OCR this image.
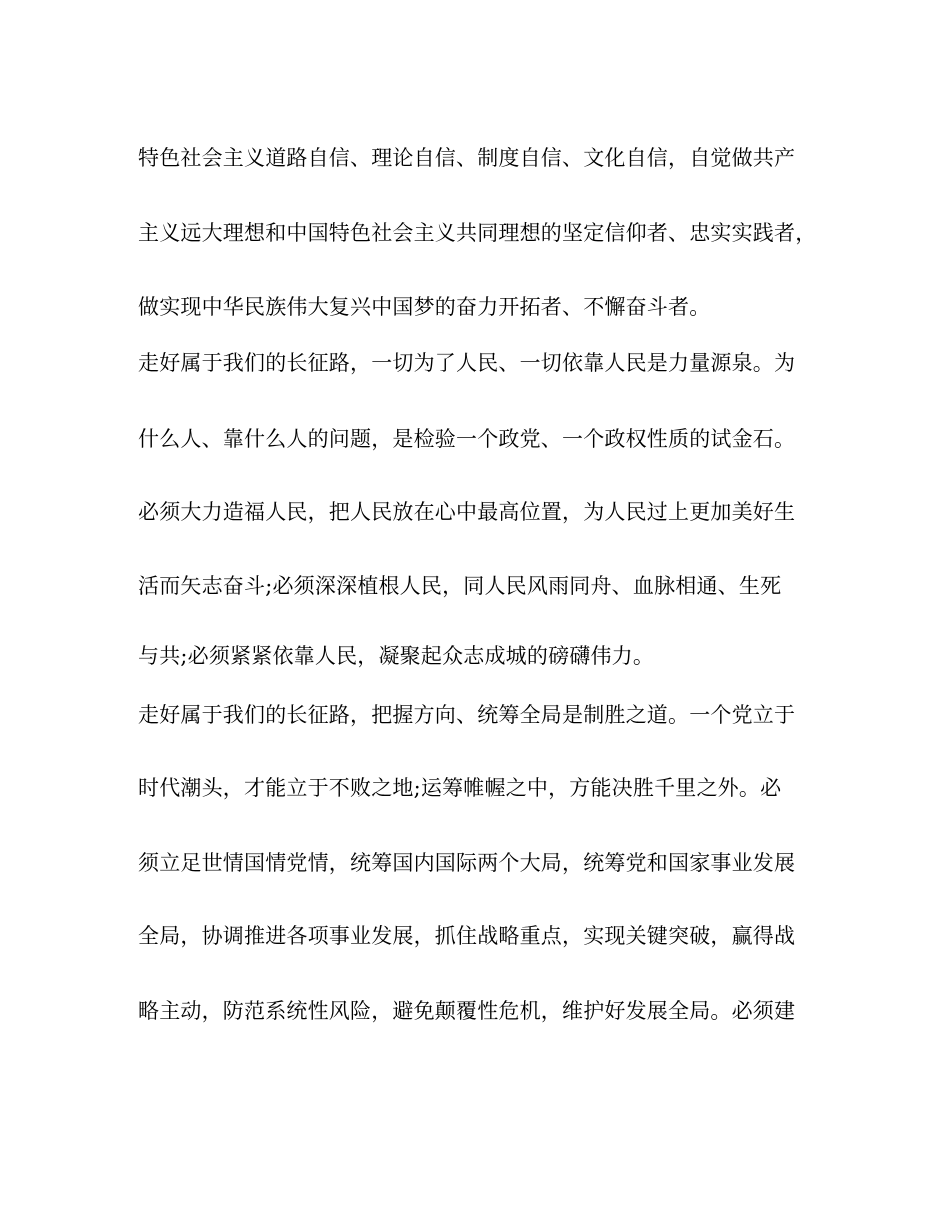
特色社会主义道路自信、理论自信、制度自信、文化自信，自觉做共产
主义远大理想和中国特色社会主义共同理想的坚定信仰者、忠实实践者，
做实现中华民族伟大复兴中国梦的奋力开拓者、不懈奋斗者。
走好属于我们的长征路，一切为了人民、一切依靠人民是力量源泉。为
什么人、靠什么人的问题，是检验一个政党、一个政权性质的试金石。
必须大力造福人民，把人民放在心中最高位置，为人民过上更加美好生
活而矢志奋斗;必须深深植根人民，同人民风雨同舟、血脉相通、生死
与共;必须紧紧依靠人民，凝聚起众志成城的磅礴伟力。
走好属于我们的长征路，把握方向、统筹全局是制胜之道。一个党立于
时代潮头，才能立于不败之地;运筹帷幄之中，方能决胜千里之外。必
须立足世情国情党情，统筹国内国际两个大局，统筹党和国家事业发展
全局，协调推进各项事业发展，抓住战略重点，实现关键突破，赢得战
略主动，防范系统性风险，避免颠覆性危机，维护好发展全局。必须建
